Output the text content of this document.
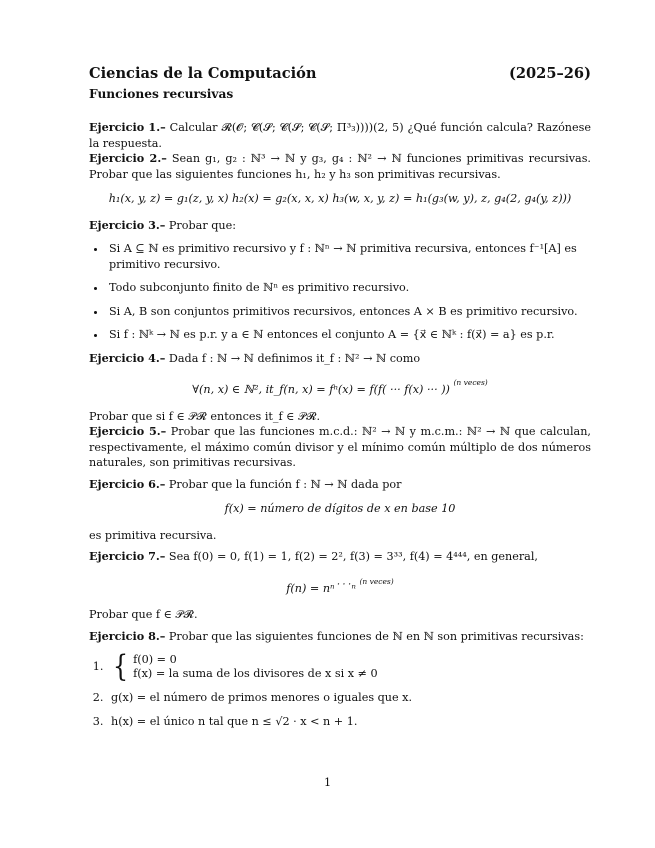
Ciencias de la Computación	(2025–26)
Funciones recursivas

Ejercicio 1.– Calcular 𝓡(𝓞; 𝓒(𝓢; 𝓒(𝓢; 𝓒(𝓢; Π³₃))))(2, 5) ¿Qué función calcula? Razónese la respuesta.

Ejercicio 2.– Sean g₁, g₂ : ℕ³ → ℕ y g₃, g₄ : ℕ² → ℕ funciones primitivas recursivas. Probar que las siguientes funciones h₁, h₂ y h₃ son primitivas recursivas.

h₁(x, y, z) = g₁(z, y, x) h₂(x) = g₂(x, x, x) h₃(w, x, y, z) = h₁(g₃(w, y), z, g₄(2, g₄(y, z)))

Ejercicio 3.– Probar que:

• Si A ⊆ ℕ es primitivo recursivo y f : ℕⁿ → ℕ primitiva recursiva, entonces f⁻¹[A] es primitivo recursivo.
• Todo subconjunto finito de ℕⁿ es primitivo recursivo.
• Si A, B son conjuntos primitivos recursivos, entonces A × B es primitivo recursivo.
• Si f : ℕᵏ → ℕ es p.r. y a ∈ ℕ entonces el conjunto A = {x⃗ ∈ ℕᵏ : f(x⃗) = a} es p.r.

Ejercicio 4.– Dada f : ℕ → ℕ definimos it_f : ℕ² → ℕ como

∀(n, x) ∈ ℕ², it_f(n, x) = fⁿ(x) = f(f( ··· f(x) ··· )) $^{(n veces)}$

Probar que si f ∈ 𝒫𝓡 entonces it_f ∈ 𝒫𝓡.

Ejercicio 5.– Probar que las funciones m.c.d.: ℕ² → ℕ y m.c.m.: ℕ² → ℕ que calculan, respectivamente, el máximo común divisor y el mínimo común múltiplo de dos números naturales, son primitivas recursivas.

Ejercicio 6.– Probar que la función f : ℕ → ℕ dada por

f(x) = número de dígitos de x en base 10

es primitiva recursiva.

Ejercicio 7.– Sea f(0) = 0, f(1) = 1, f(2) = 2², f(3) = 3³³, f(4) = 4⁴⁴⁴, en general,

f(n) = nⁿ˙˙˙ⁿ $^{(n veces)}$

Probar que f ∈ 𝒫𝓡.

Ejercicio 8.– Probar que las siguientes funciones de ℕ en ℕ son primitivas recursivas:

1. { f(0) = 0
f(x) = la suma de los divisores de x si x ≠ 0
2. g(x) = el número de primos menores o iguales que x.
3. h(x) = el único n tal que n ≤ √2 · x < n + 1.
1
